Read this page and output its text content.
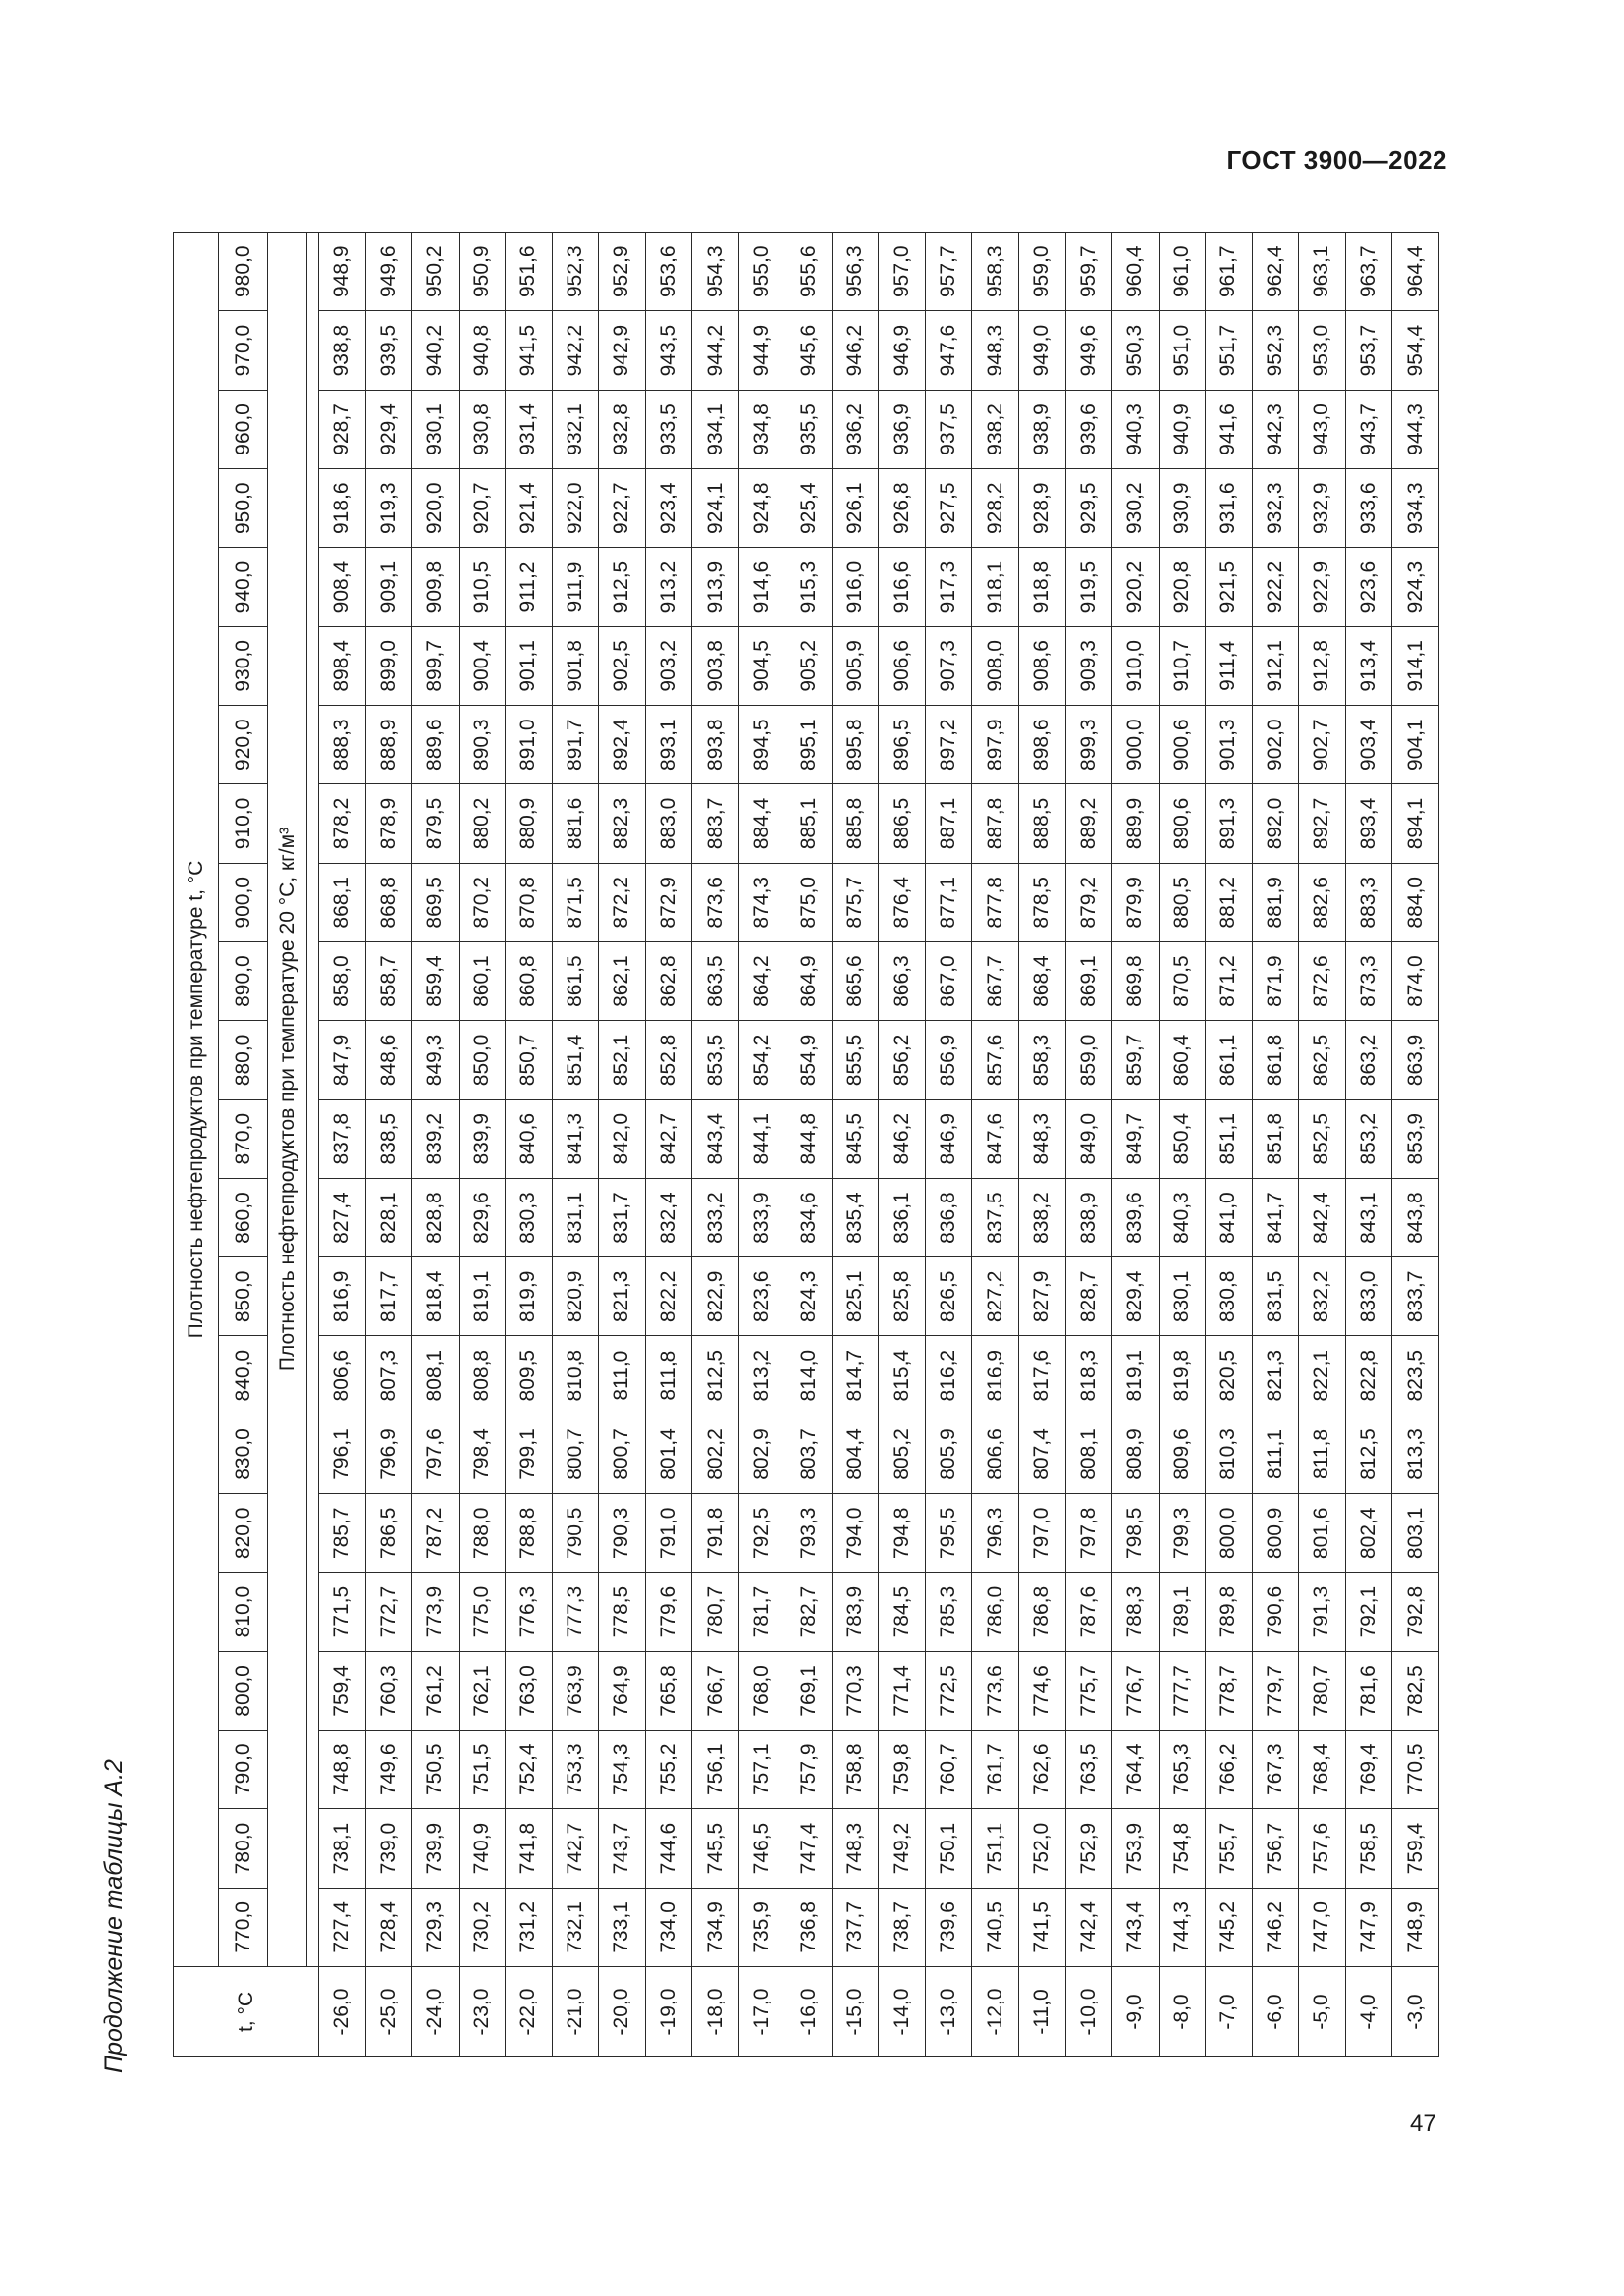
ГОСТ 3900—2022
Продолжение таблицы А.2	t, °C	Плотность нефтепродуктов при температуре t, °C																					
	770,0	780,0	790,0	800,0	810,0	820,0	830,0	840,0	850,0	860,0	870,0	880,0	890,0	900,0	910,0	920,0	930,0	940,0	950,0	960,0	970,0	980,0
	Плотность нефтепродуктов при температуре 20 °C, кг/м³																					

-26,0	727,4	738,1	748,8	759,4	771,5	785,7	796,1	806,6	816,9	827,4	837,8	847,9	858,0	868,1	878,2	888,3	898,4	908,4	918,6	928,7	938,8	948,9
-25,0	728,4	739,0	749,6	760,3	772,7	786,5	796,9	807,3	817,7	828,1	838,5	848,6	858,7	868,8	878,9	888,9	899,0	909,1	919,3	929,4	939,5	949,6
-24,0	729,3	739,9	750,5	761,2	773,9	787,2	797,6	808,1	818,4	828,8	839,2	849,3	859,4	869,5	879,5	889,6	899,7	909,8	920,0	930,1	940,2	950,2
-23,0	730,2	740,9	751,5	762,1	775,0	788,0	798,4	808,8	819,1	829,6	839,9	850,0	860,1	870,2	880,2	890,3	900,4	910,5	920,7	930,8	940,8	950,9
-22,0	731,2	741,8	752,4	763,0	776,3	788,8	799,1	809,5	819,9	830,3	840,6	850,7	860,8	870,8	880,9	891,0	901,1	911,2	921,4	931,4	941,5	951,6
-21,0	732,1	742,7	753,3	763,9	777,3	790,5	800,7	810,8	820,9	831,1	841,3	851,4	861,5	871,5	881,6	891,7	901,8	911,9	922,0	932,1	942,2	952,3
-20,0	733,1	743,7	754,3	764,9	778,5	790,3	800,7	811,0	821,3	831,7	842,0	852,1	862,1	872,2	882,3	892,4	902,5	912,5	922,7	932,8	942,9	952,9
-19,0	734,0	744,6	755,2	765,8	779,6	791,0	801,4	811,8	822,2	832,4	842,7	852,8	862,8	872,9	883,0	893,1	903,2	913,2	923,4	933,5	943,5	953,6
-18,0	734,9	745,5	756,1	766,7	780,7	791,8	802,2	812,5	822,9	833,2	843,4	853,5	863,5	873,6	883,7	893,8	903,8	913,9	924,1	934,1	944,2	954,3
-17,0	735,9	746,5	757,1	768,0	781,7	792,5	802,9	813,2	823,6	833,9	844,1	854,2	864,2	874,3	884,4	894,5	904,5	914,6	924,8	934,8	944,9	955,0
-16,0	736,8	747,4	757,9	769,1	782,7	793,3	803,7	814,0	824,3	834,6	844,8	854,9	864,9	875,0	885,1	895,1	905,2	915,3	925,4	935,5	945,6	955,6
-15,0	737,7	748,3	758,8	770,3	783,9	794,0	804,4	814,7	825,1	835,4	845,5	855,5	865,6	875,7	885,8	895,8	905,9	916,0	926,1	936,2	946,2	956,3
-14,0	738,7	749,2	759,8	771,4	784,5	794,8	805,2	815,4	825,8	836,1	846,2	856,2	866,3	876,4	886,5	896,5	906,6	916,6	926,8	936,9	946,9	957,0
-13,0	739,6	750,1	760,7	772,5	785,3	795,5	805,9	816,2	826,5	836,8	846,9	856,9	867,0	877,1	887,1	897,2	907,3	917,3	927,5	937,5	947,6	957,7
-12,0	740,5	751,1	761,7	773,6	786,0	796,3	806,6	816,9	827,2	837,5	847,6	857,6	867,7	877,8	887,8	897,9	908,0	918,1	928,2	938,2	948,3	958,3
-11,0	741,5	752,0	762,6	774,6	786,8	797,0	807,4	817,6	827,9	838,2	848,3	858,3	868,4	878,5	888,5	898,6	908,6	918,8	928,9	938,9	949,0	959,0
-10,0	742,4	752,9	763,5	775,7	787,6	797,8	808,1	818,3	828,7	838,9	849,0	859,0	869,1	879,2	889,2	899,3	909,3	919,5	929,5	939,6	949,6	959,7
-9,0	743,4	753,9	764,4	776,7	788,3	798,5	808,9	819,1	829,4	839,6	849,7	859,7	869,8	879,9	889,9	900,0	910,0	920,2	930,2	940,3	950,3	960,4
-8,0	744,3	754,8	765,3	777,7	789,1	799,3	809,6	819,8	830,1	840,3	850,4	860,4	870,5	880,5	890,6	900,6	910,7	920,8	930,9	940,9	951,0	961,0
-7,0	745,2	755,7	766,2	778,7	789,8	800,0	810,3	820,5	830,8	841,0	851,1	861,1	871,2	881,2	891,3	901,3	911,4	921,5	931,6	941,6	951,7	961,7
-6,0	746,2	756,7	767,3	779,7	790,6	800,9	811,1	821,3	831,5	841,7	851,8	861,8	871,9	881,9	892,0	902,0	912,1	922,2	932,3	942,3	952,3	962,4
-5,0	747,0	757,6	768,4	780,7	791,3	801,6	811,8	822,1	832,2	842,4	852,5	862,5	872,6	882,6	892,7	902,7	912,8	922,9	932,9	943,0	953,0	963,1
-4,0	747,9	758,5	769,4	781,6	792,1	802,4	812,5	822,8	833,0	843,1	853,2	863,2	873,3	883,3	893,4	903,4	913,4	923,6	933,6	943,7	953,7	963,7
-3,0	748,9	759,4	770,5	782,5	792,8	803,1	813,3	823,5	833,7	843,8	853,9	863,9	874,0	884,0	894,1	904,1	914,1	924,3	934,3	944,3	954,4	964,4
47
